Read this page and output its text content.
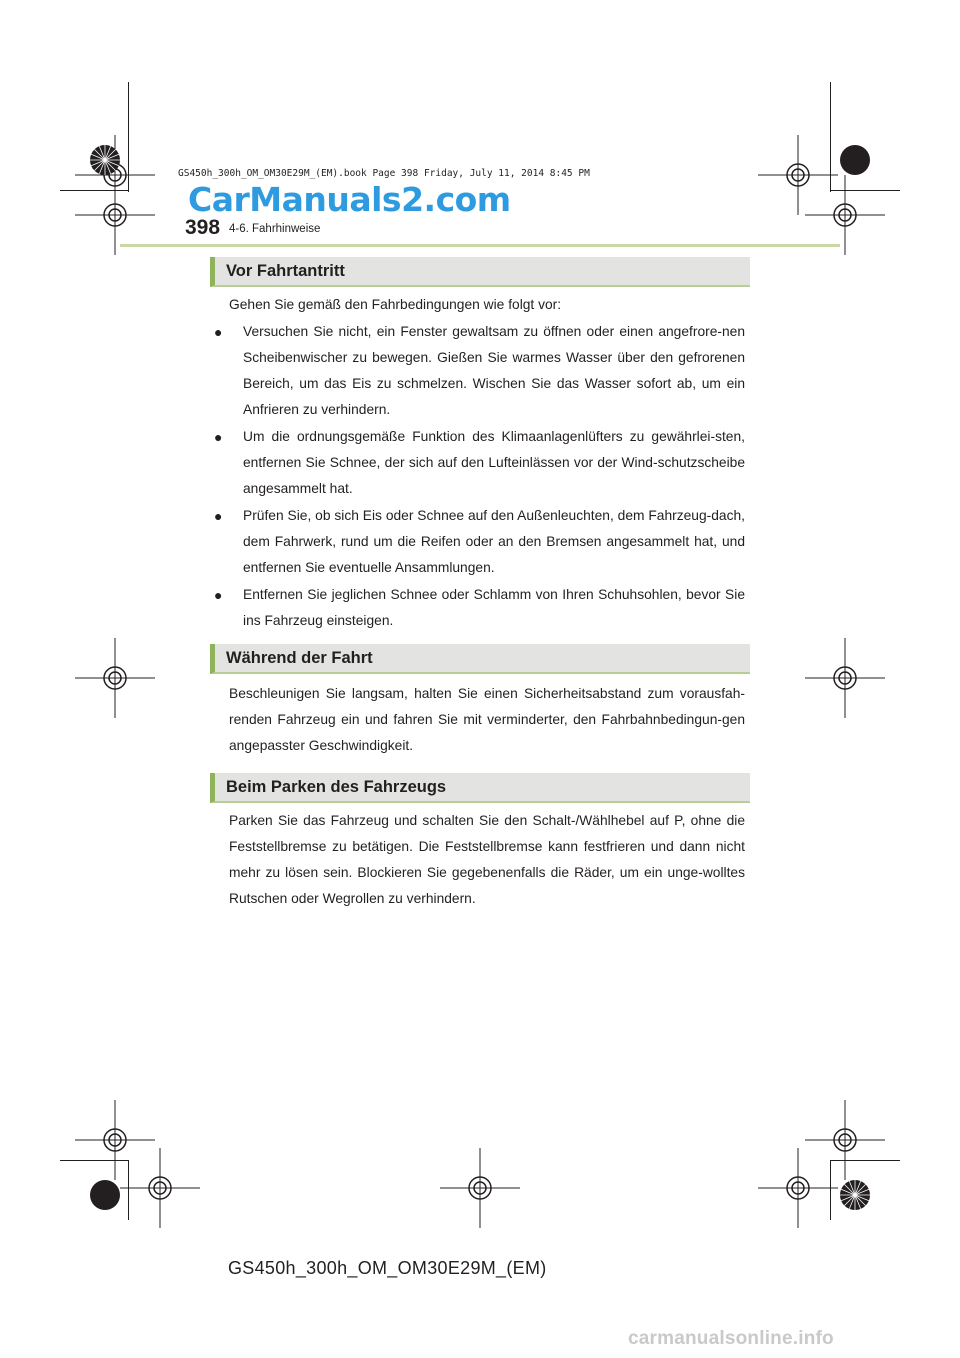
GS450h_300h_OM_OM30E29M_(EM).book Page 398 Friday, July 11, 2014 8:45 PM
CarManuals2.com
398 4-6. Fahrhinweise
Vor Fahrtantritt
Gehen Sie gemäß den Fahrbedingungen wie folgt vor:
● Versuchen Sie nicht, ein Fenster gewaltsam zu öffnen oder einen angefrore-nen Scheibenwischer zu bewegen. Gießen Sie warmes Wasser über den gefrorenen Bereich, um das Eis zu schmelzen. Wischen Sie das Wasser sofort ab, um ein Anfrieren zu verhindern.
● Um die ordnungsgemäße Funktion des Klimaanlagenlüfters zu gewährlei-sten, entfernen Sie Schnee, der sich auf den Lufteinlässen vor der Wind-schutzscheibe angesammelt hat.
● Prüfen Sie, ob sich Eis oder Schnee auf den Außenleuchten, dem Fahrzeug-dach, dem Fahrwerk, rund um die Reifen oder an den Bremsen angesammelt hat, und entfernen Sie eventuelle Ansammlungen.
● Entfernen Sie jeglichen Schnee oder Schlamm von Ihren Schuhsohlen, bevor Sie ins Fahrzeug einsteigen.
Während der Fahrt
Beschleunigen Sie langsam, halten Sie einen Sicherheitsabstand zum vorausfah-renden Fahrzeug ein und fahren Sie mit verminderter, den Fahrbahnbedingun-gen angepasster Geschwindigkeit.
Beim Parken des Fahrzeugs
Parken Sie das Fahrzeug und schalten Sie den Schalt-/Wählhebel auf P, ohne die Feststellbremse zu betätigen. Die Feststellbremse kann festfrieren und dann nicht mehr zu lösen sein. Blockieren Sie gegebenenfalls die Räder, um ein unge-wolltes Rutschen oder Wegrollen zu verhindern.
GS450h_300h_OM_OM30E29M_(EM)
carmanualsonline.info
